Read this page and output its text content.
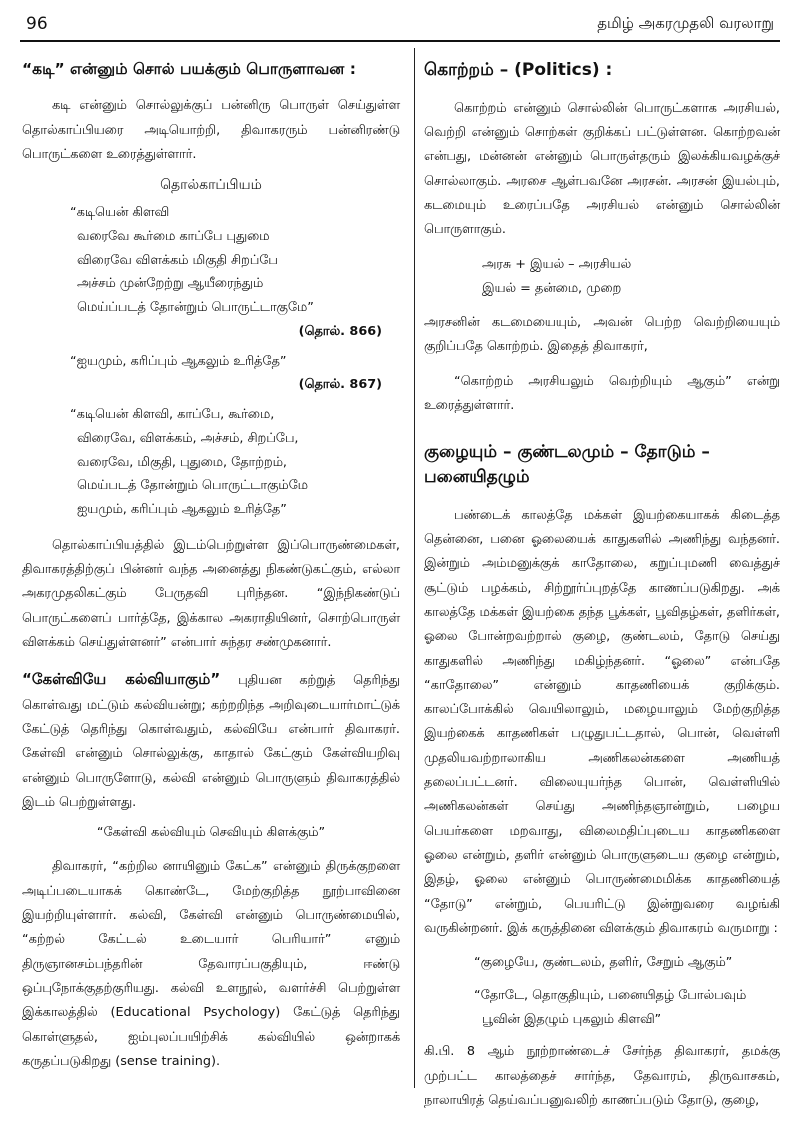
96	தமிழ் அகரமுதலி வரலாறு
“கடி” என்னும் சொல் பயக்கும் பொருளாவன :

கடி என்னும் சொல்லுக்குப் பன்னிரு பொருள் செய்துள்ள தொல்காப்பியரை அடியொற்றி, திவாகரரும் பன்னிரண்டு பொருட்களை உரைத்துள்ளார்.

தொல்காப்பியம்
“கடியென் கிளவி
வரைவே கூர்மை காப்பே புதுமை
விரைவே விளக்கம் மிகுதி சிறப்பே
அச்சம் முன்றேற்று ஆயீரைந்தும்
மெய்ப்படத் தோன்றும் பொருட்டாகுமே”
(தொல். 866)
“ஐயமும், கரிப்பும் ஆகலும் உரித்தே”
(தொல். 867)
“கடியென் கிளவி, காப்பே, கூர்மை,
விரைவே, விளக்கம், அச்சம், சிறப்பே,
வரைவே, மிகுதி, புதுமை, தோற்றம்,
மெய்படத் தோன்றும் பொருட்டாகும்மே
ஐயமும், கரிப்பும் ஆகலும் உரித்தே”

தொல்காப்பியத்தில் இடம்பெற்றுள்ள இப்பொருண்மைகள், திவாகரத்திற்குப் பின்னர் வந்த அனைத்து நிகண்டுகட்கும், எல்லா அகரமுதலிகட்கும் பேருதவி புரிந்தன. “இந்நிகண்டுப் பொருட்களைப் பார்த்தே, இக்கால அகராதியினர், சொற்பொருள் விளக்கம் செய்துள்ளனர்” என்பார் சுந்தர சண்முகனார்.

“கேள்வியே கல்வியாகும்” புதியன கற்றுத் தெரிந்து கொள்வது மட்டும் கல்வியன்று; கற்றறிந்த அறிவுடையார்மாட்டுக் கேட்டுத் தெரிந்து கொள்வதும், கல்வியே என்பார் திவாகரர். கேள்வி என்னும் சொல்லுக்கு, காதால் கேட்கும் கேள்வியறிவு என்னும் பொருளோடு, கல்வி என்னும் பொருளும் திவாகரத்தில் இடம் பெற்றுள்ளது.

“கேள்வி கல்வியும் செவியும் கிளக்கும்”

திவாகரர், “கற்றில னாயினும் கேட்க” என்னும் திருக்குறளை அடிப்படையாகக் கொண்டே, மேற்குறித்த நூற்பாவினை இயற்றியுள்ளார். கல்வி, கேள்வி என்னும் பொருண்மையில், “கற்றல் கேட்டல் உடையார் பெரியார்” எனும் திருஞானசம்பந்தரின் தேவாரப்பகுதியும், ஈண்டு ஒப்புநோக்குதற்குரியது. கல்வி உளநூல், வளர்ச்சி பெற்றுள்ள இக்காலத்தில் (Educational Psychology) கேட்டுத் தெரிந்து கொள்ளுதல், ஐம்புலப்பயிற்சிக் கல்வியில் ஒன்றாகக் கருதப்படுகிறது (sense training).

கொற்றம் – (Politics) :

கொற்றம் என்னும் சொல்லின் பொருட்களாக அரசியல், வெற்றி என்னும் சொற்கள் குறிக்கப் பட்டுள்ளன. கொற்றவன் என்பது, மன்னன் என்னும் பொருள்தரும் இலக்கியவழக்குச் சொல்லாகும். அரசை ஆள்பவனே அரசன். அரசன் இயல்பும், கடமையும் உரைப்பதே அரசியல் என்னும் சொல்லின் பொருளாகும்.

அரசு + இயல் – அரசியல்
இயல் = தன்மை, முறை

அரசனின் கடமையையும், அவன் பெற்ற வெற்றியையும் குறிப்பதே கொற்றம். இதைத் திவாகரர்,

“கொற்றம் அரசியலும் வெற்றியும் ஆகும்” என்று உரைத்துள்ளார்.

குழையும் – குண்டலமும் – தோடும் – பனையிதழும்

பண்டைக் காலத்தே மக்கள் இயற்கையாகக் கிடைத்த தென்னை, பனை ஓலையைக் காதுகளில் அணிந்து வந்தனர். இன்றும் அம்மனுக்குக் காதோலை, கறுப்புமணி வைத்துச் சூட்டும் பழக்கம், சிற்றூர்ப்புறத்தே காணப்படுகிறது. அக் காலத்தே மக்கள் இயற்கை தந்த பூக்கள், பூவிதழ்கள், தளிர்கள், ஓலை போன்றவற்றால் குழை, குண்டலம், தோடு செய்து காதுகளில் அணிந்து மகிழ்ந்தனர். “ஓலை” என்பதே “காதோலை” என்னும் காதணியைக் குறிக்கும். காலப்போக்கில் வெயிலாலும், மழையாலும் மேற்குறித்த இயற்கைக் காதணிகள் பழுதுபட்டதால், பொன், வெள்ளி முதலியவற்றாலாகிய அணிகலன்களை அணியத் தலைப்பட்டனர். விலையுயர்ந்த பொன், வெள்ளியில் அணிகலன்கள் செய்து அணிந்தஞான்றும், பழைய பெயர்களை மறவாது, விலைமதிப்புடைய காதணிகளை ஓலை என்றும், தளிர் என்னும் பொருளுடைய குழை என்றும், இதழ், ஓலை என்னும் பொருண்மைமிக்க காதணியைத் “தோடு” என்றும், பெயரிட்டு இன்றுவரை வழங்கி வருகின்றனர். இக் கருத்தினை விளக்கும் திவாகரம் வருமாறு :

“குழையே, குண்டலம், தளிர், சேறும் ஆகும்”
“தோடே, தொகுதியும், பனையிதழ் போல்பவும்
பூவின் இதழும் புகலும் கிளவி”

கி.பி. 8 ஆம் நூற்றாண்டைச் சேர்ந்த திவாகரர், தமக்கு முற்பட்ட காலத்தைச் சார்ந்த, தேவாரம், திருவாசகம், நாலாயிரத் தெய்வப்பனுவலிற் காணப்படும் தோடு, குழை,
